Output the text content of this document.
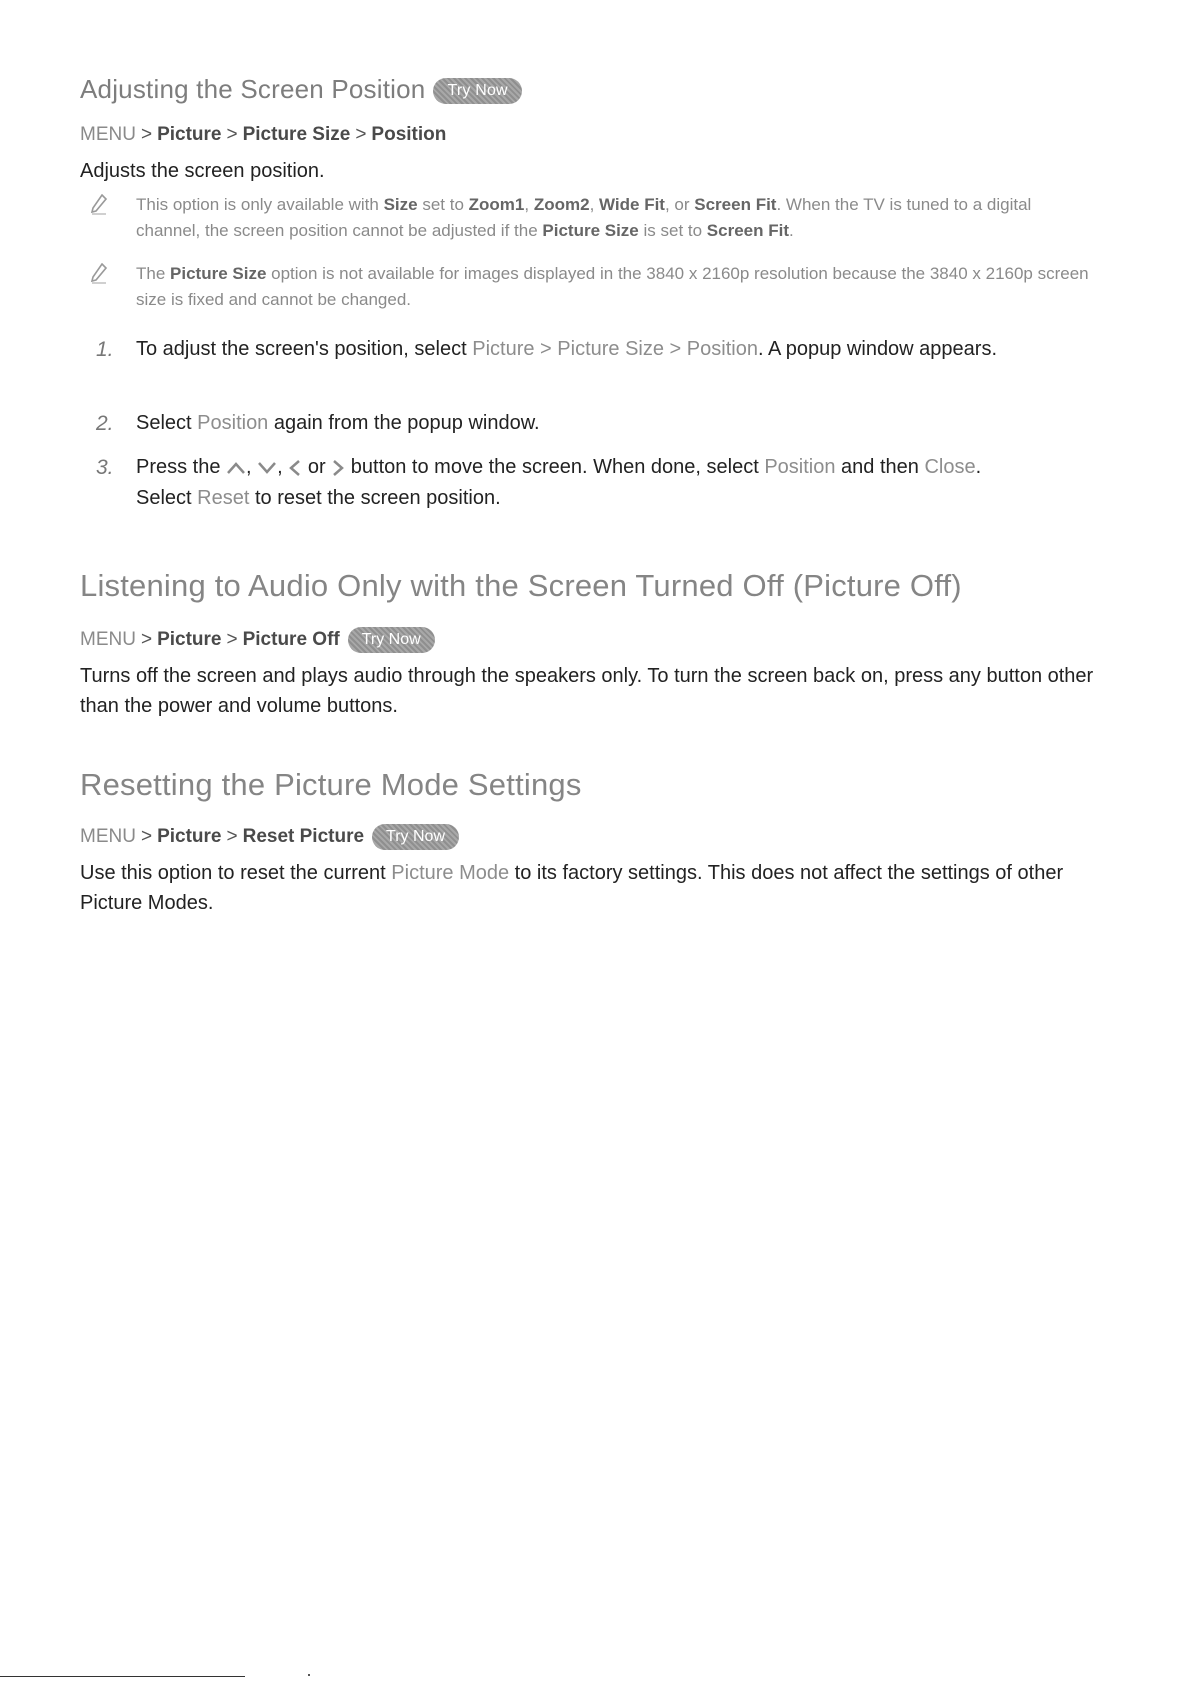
Adjusting the Screen Position Try Now

MENU > Picture > Picture Size > Position

Adjusts the screen position.

This option is only available with Size set to Zoom1, Zoom2, Wide Fit, or Screen Fit. When the TV is tuned to a digital channel, the screen position cannot be adjusted if the Picture Size is set to Screen Fit.
The Picture Size option is not available for images displayed in the 3840 x 2160p resolution because the 3840 x 2160p screen size is fixed and cannot be changed.
1. To adjust the screen's position, select Picture > Picture Size > Position. A popup window appears.
2. Select Position again from the popup window.
3. Press the , ,  or  button to move the screen. When done, select Position and then Close.
Select Reset to reset the screen position.
Listening to Audio Only with the Screen Turned Off (Picture Off)

MENU > Picture > Picture Off Try Now

Turns off the screen and plays audio through the speakers only. To turn the screen back on, press any button other than the power and volume buttons.

Resetting the Picture Mode Settings

MENU > Picture > Reset Picture Try Now

Use this option to reset the current Picture Mode to its factory settings. This does not affect the settings of other Picture Modes.
